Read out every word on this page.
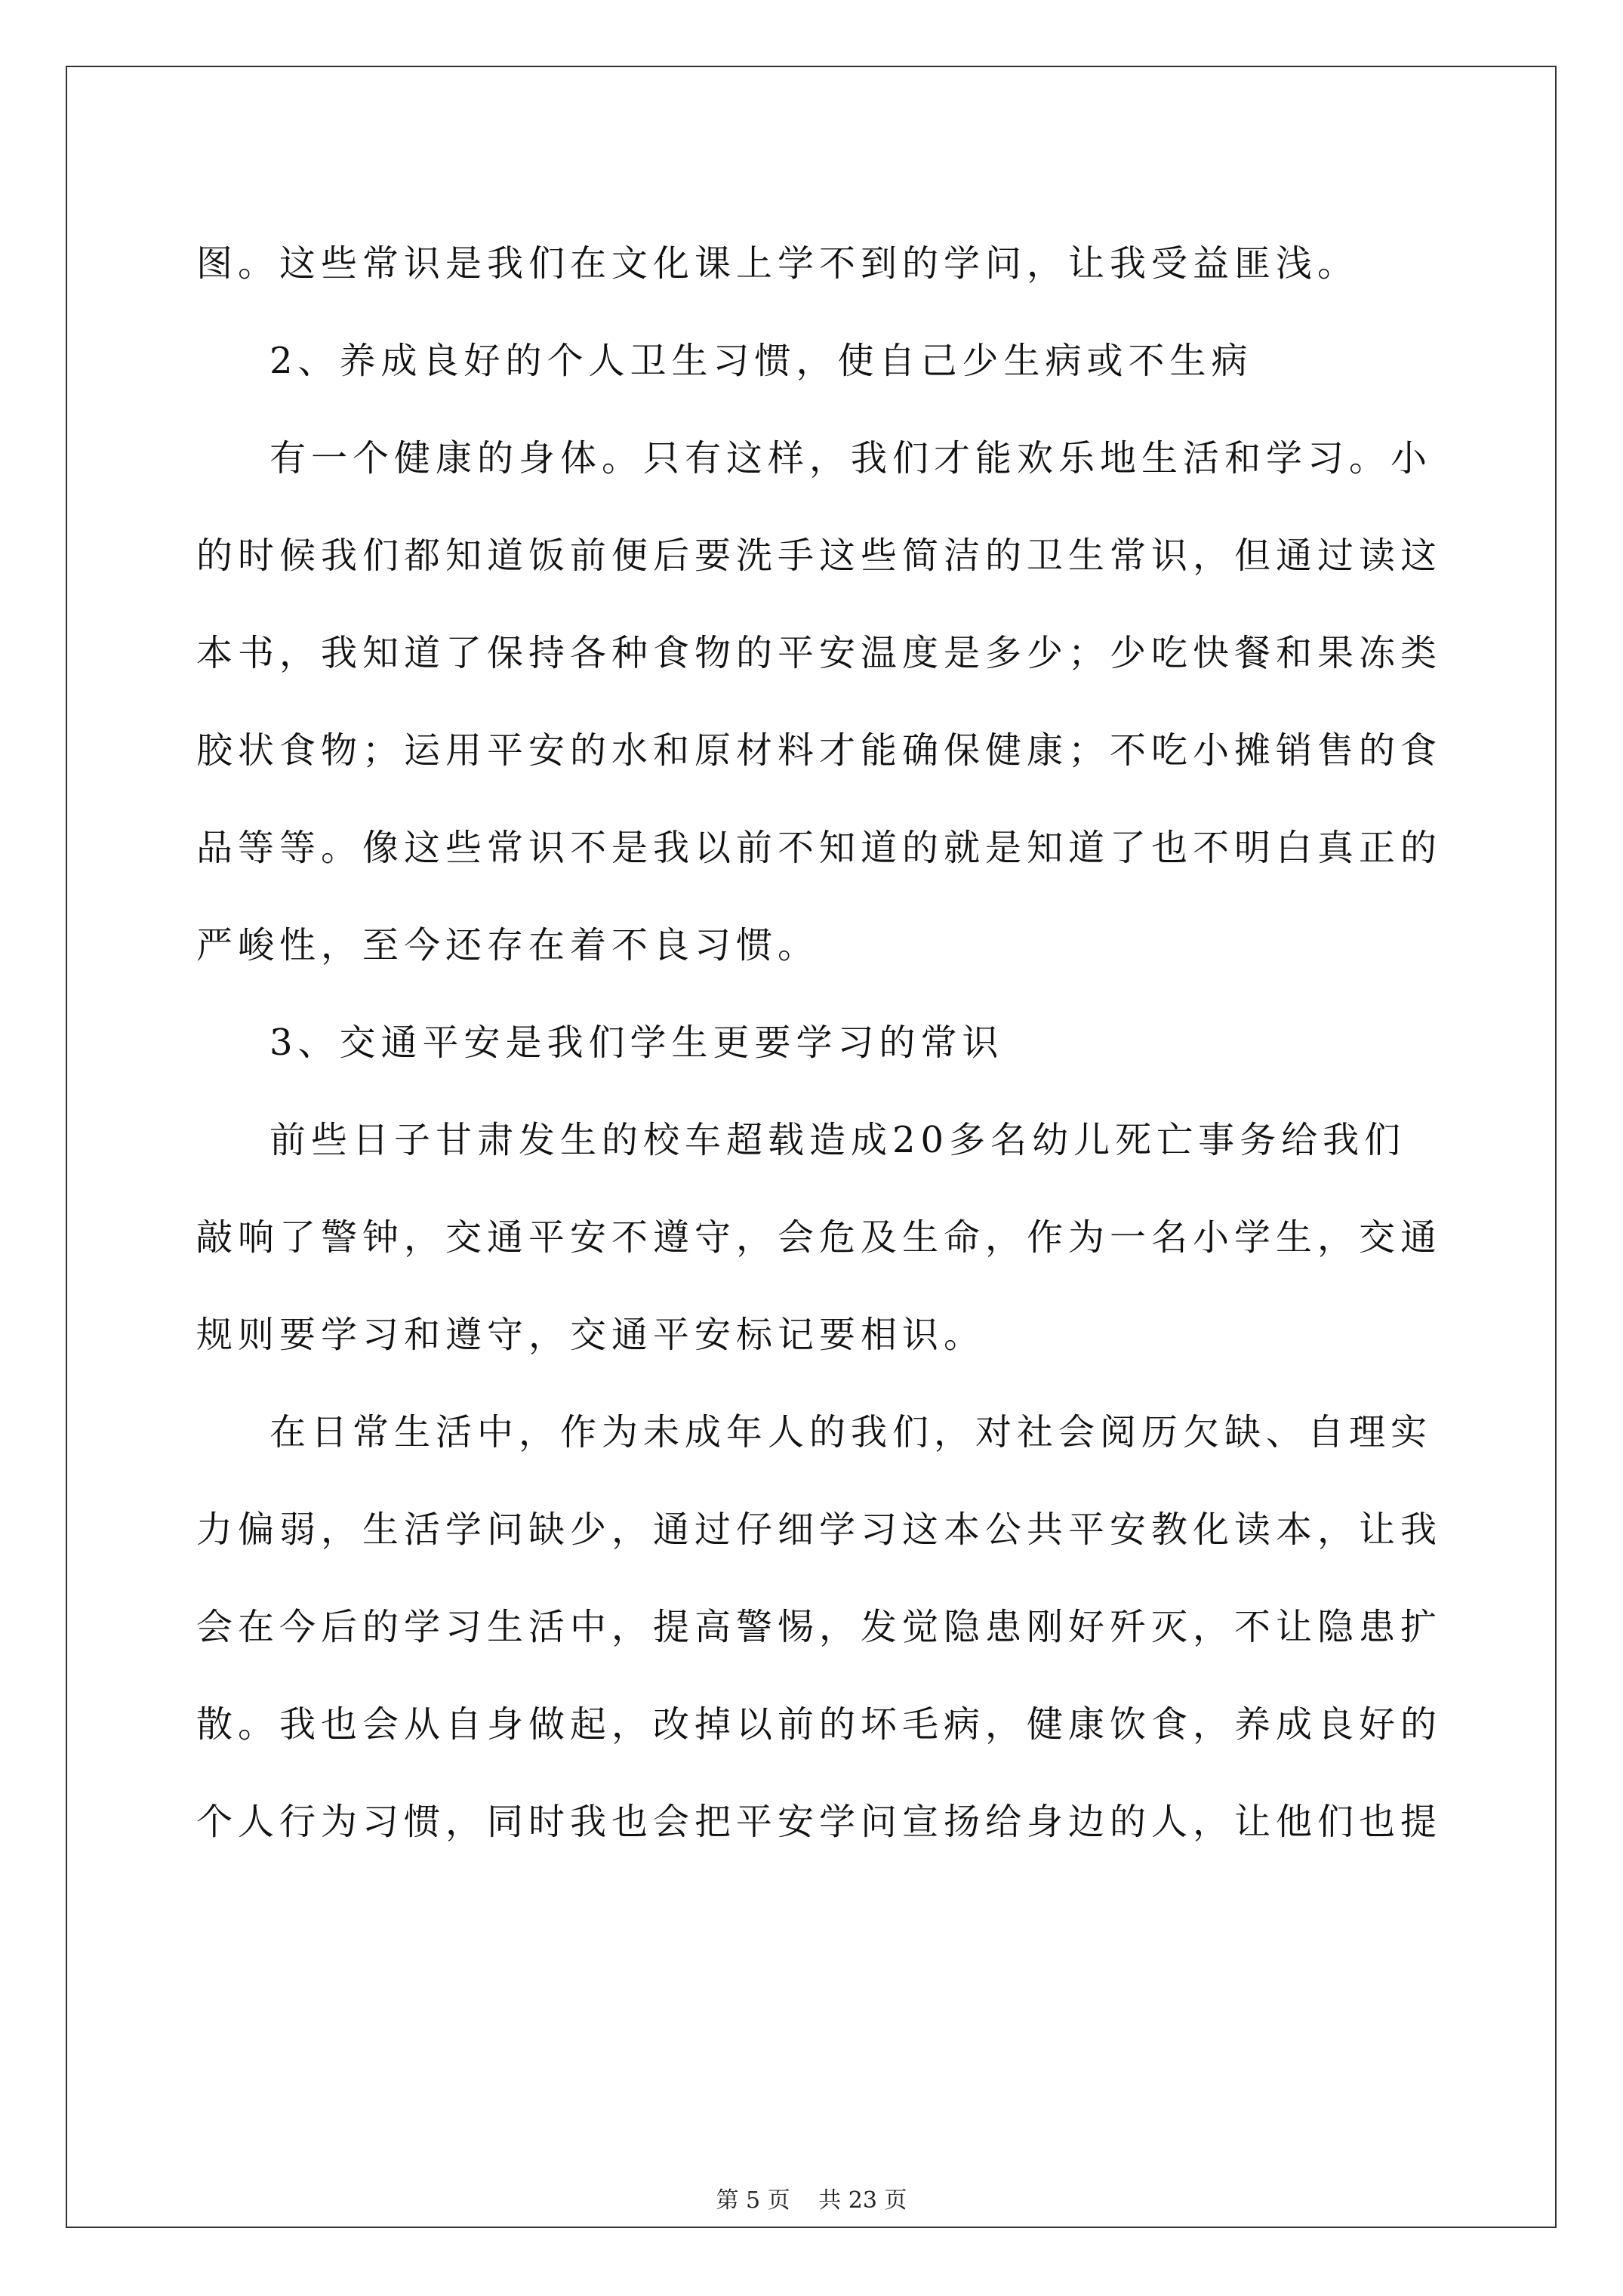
图。这些常识是我们在文化课上学不到的学问，让我受益匪浅。
2、养成良好的个人卫生习惯，使自己少生病或不生病
有一个健康的身体。只有这样，我们才能欢乐地生活和学习。小
的时候我们都知道饭前便后要洗手这些简洁的卫生常识，但通过读这
本书，我知道了保持各种食物的平安温度是多少；少吃快餐和果冻类
胶状食物；运用平安的水和原材料才能确保健康；不吃小摊销售的食
品等等。像这些常识不是我以前不知道的就是知道了也不明白真正的
严峻性，至今还存在着不良习惯。
3、交通平安是我们学生更要学习的常识
前些日子甘肃发生的校车超载造成20多名幼儿死亡事务给我们
敲响了警钟，交通平安不遵守，会危及生命，作为一名小学生，交通
规则要学习和遵守，交通平安标记要相识。
在日常生活中，作为未成年人的我们，对社会阅历欠缺、自理实
力偏弱，生活学问缺少，通过仔细学习这本公共平安教化读本，让我
会在今后的学习生活中，提高警惕，发觉隐患刚好歼灭，不让隐患扩
散。我也会从自身做起，改掉以前的坏毛病，健康饮食，养成良好的
个人行为习惯，同时我也会把平安学问宣扬给身边的人，让他们也提
第 5 页 共 23 页
